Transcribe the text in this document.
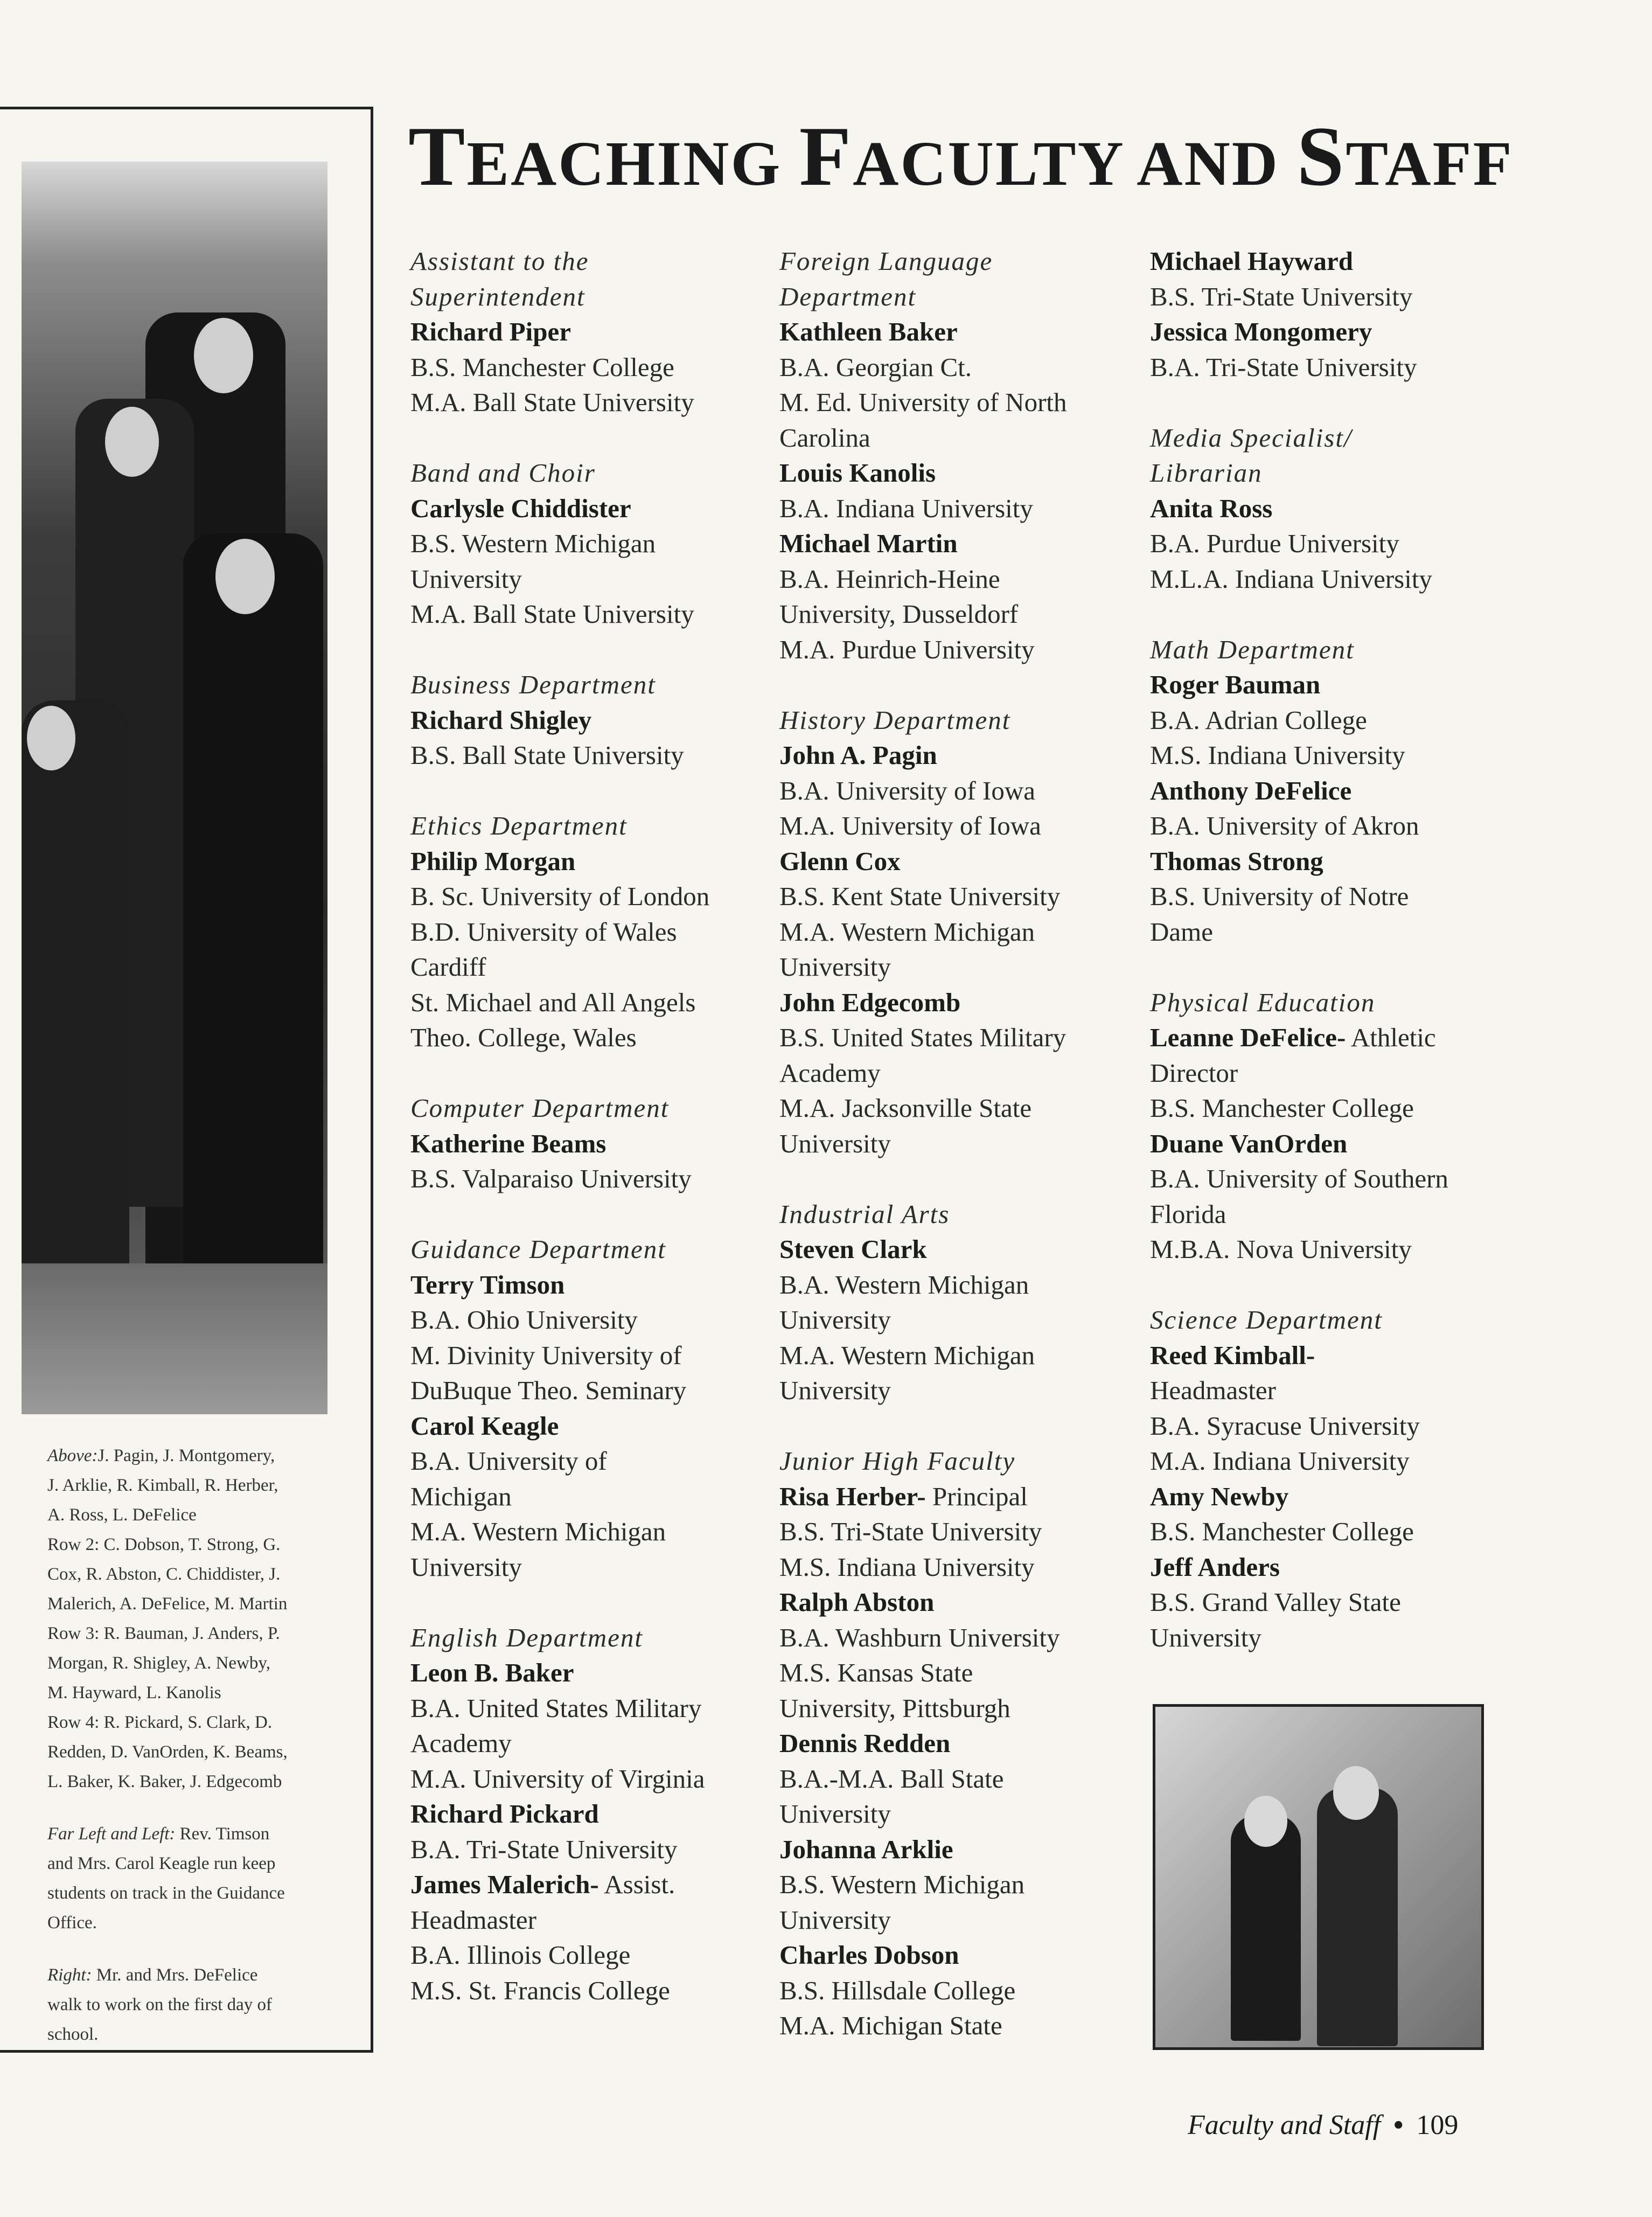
Above:J. Pagin, J. Montgomery,
J. Arklie, R. Kimball, R. Herber,
A. Ross, L. DeFelice
Row 2: C. Dobson, T. Strong, G.
Cox, R. Abston, C. Chiddister, J.
Malerich, A. DeFelice, M. Martin
Row 3: R. Bauman, J. Anders, P.
Morgan, R. Shigley, A. Newby,
M. Hayward, L. Kanolis
Row 4: R. Pickard, S. Clark, D.
Redden, D. VanOrden, K. Beams,
L. Baker, K. Baker, J. Edgecomb
Far Left and Left: Rev. Timson
and Mrs. Carol Keagle run keep
students on track in the Guidance
Office.
Right: Mr. and Mrs. DeFelice
walk to work on the first day of
school.
TEACHING FACULTY AND STAFF
Assistant to the
Superintendent
Richard Piper
B.S. Manchester College
M.A. Ball State University
Band and Choir
Carlysle Chiddister
B.S. Western Michigan
University
M.A. Ball State University
Business Department
Richard Shigley
B.S. Ball State University
Ethics Department
Philip Morgan
B. Sc. University of London
B.D. University of Wales
Cardiff
St. Michael and All Angels
Theo. College, Wales
Computer Department
Katherine Beams
B.S. Valparaiso University
Guidance Department
Terry Timson
B.A. Ohio University
M. Divinity University of
DuBuque Theo. Seminary
Carol Keagle
B.A. University of
Michigan
M.A. Western Michigan
University
English Department
Leon B. Baker
B.A. United States Military
Academy
M.A. University of Virginia
Richard Pickard
B.A. Tri-State University
James Malerich- Assist.
Headmaster
B.A. Illinois College
M.S. St. Francis College
Foreign Language
Department
Kathleen Baker
B.A. Georgian Ct.
M. Ed. University of North
Carolina
Louis Kanolis
B.A. Indiana University
Michael Martin
B.A. Heinrich-Heine
University, Dusseldorf
M.A. Purdue University
History Department
John A. Pagin
B.A. University of Iowa
M.A. University of Iowa
Glenn Cox
B.S. Kent State University
M.A. Western Michigan
University
John Edgecomb
B.S. United States Military
Academy
M.A. Jacksonville State
University
Industrial Arts
Steven Clark
B.A. Western Michigan
University
M.A. Western Michigan
University
Junior High Faculty
Risa Herber- Principal
B.S. Tri-State University
M.S. Indiana University
Ralph Abston
B.A. Washburn University
M.S. Kansas State
University, Pittsburgh
Dennis Redden
B.A.-M.A. Ball State
University
Johanna Arklie
B.S. Western Michigan
University
Charles Dobson
B.S. Hillsdale College
M.A. Michigan State
Michael Hayward
B.S. Tri-State University
Jessica Mongomery
B.A. Tri-State University
Media Specialist/
Librarian
Anita Ross
B.A. Purdue University
M.L.A. Indiana University
Math Department
Roger Bauman
B.A. Adrian College
M.S. Indiana University
Anthony DeFelice
B.A. University of Akron
Thomas Strong
B.S. University of Notre
Dame
Physical Education
Leanne DeFelice- Athletic
Director
B.S. Manchester College
Duane VanOrden
B.A. University of Southern
Florida
M.B.A. Nova University
Science Department
Reed Kimball-
Headmaster
B.A. Syracuse University
M.A. Indiana University
Amy Newby
B.S. Manchester College
Jeff Anders
B.S. Grand Valley State
University
Faculty and Staff • 109
